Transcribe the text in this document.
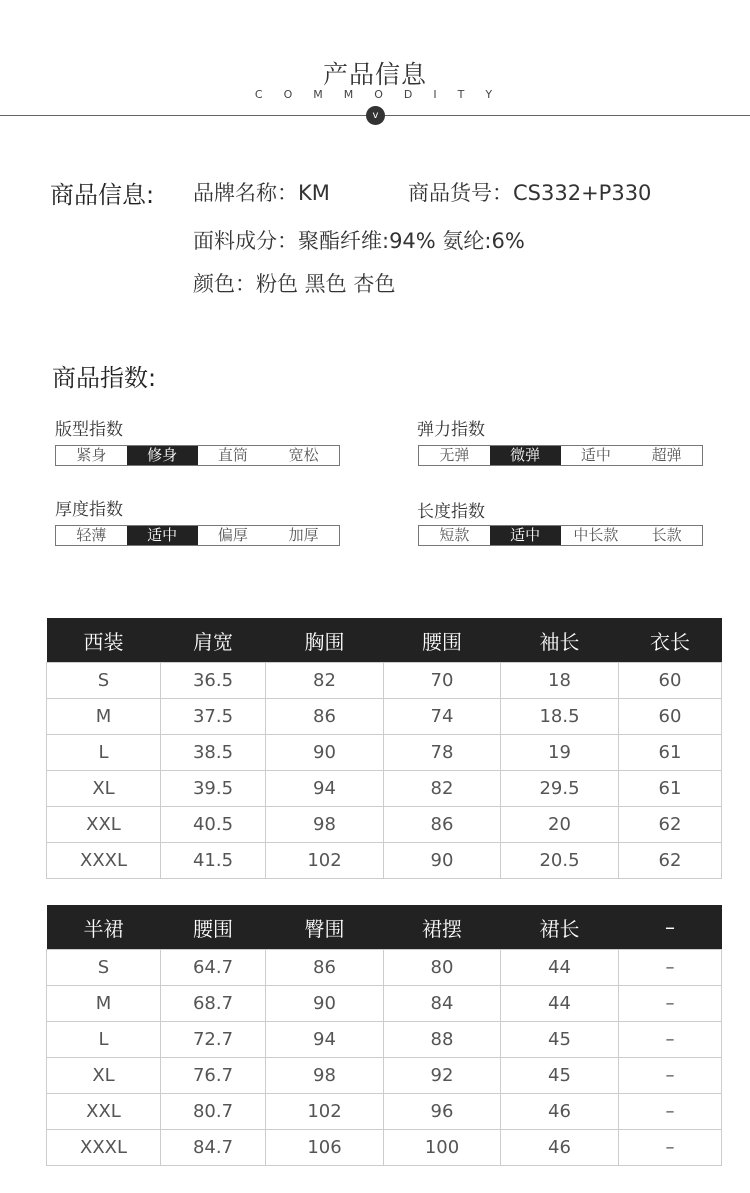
产品信息
COMMODITY
v
商品信息: 品牌名称：KM	商品货号：CS332+P330
面料成分：聚酯纤维:94% 氨纶:6%
颜色：粉色 黑色 杏色
商品指数:
版型指数
紧身	修身	直筒	宽松
弹力指数
无弹	微弹	适中	超弹
厚度指数
轻薄	适中	偏厚	加厚
长度指数
短款	适中	中长款	长款
西装	肩宽	胸围	腰围	袖长	衣长
S	36.5	82	70	18	60
M	37.5	86	74	18.5	60
L	38.5	90	78	19	61
XL	39.5	94	82	29.5	61
XXL	40.5	98	86	20	62
XXXL	41.5	102	90	20.5	62
半裙	腰围	臀围	裙摆	裙长	–
S	64.7	86	80	44	–
M	68.7	90	84	44	–
L	72.7	94	88	45	–
XL	76.7	98	92	45	–
XXL	80.7	102	96	46	–
XXXL	84.7	106	100	46	–
